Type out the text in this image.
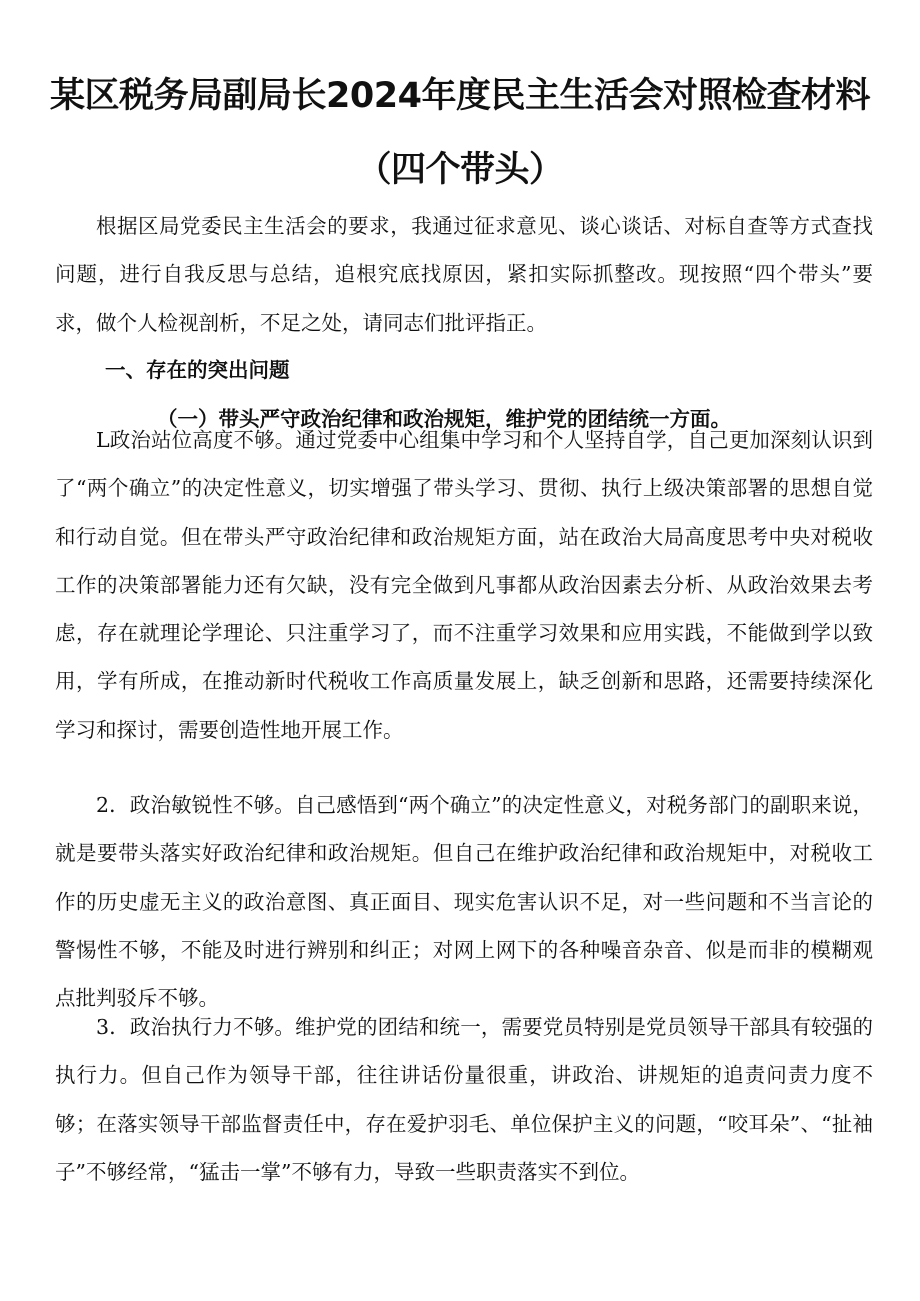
某区税务局副局长2024年度民主生活会对照检查材料
（四个带头）

根据区局党委民主生活会的要求，我通过征求意见、谈心谈话、对标自查等方式查找问题，进行自我反思与总结，追根究底找原因，紧扣实际抓整改。现按照“四个带头”要求，做个人检视剖析，不足之处，请同志们批评指正。

一、存在的突出问题
（一）带头严守政治纪律和政治规矩，维护党的团结统一方面。

L政治站位高度不够。通过党委中心组集中学习和个人坚持自学，自己更加深刻认识到了“两个确立”的决定性意义，切实增强了带头学习、贯彻、执行上级决策部署的思想自觉和行动自觉。但在带头严守政治纪律和政治规矩方面，站在政治大局高度思考中央对税收工作的决策部署能力还有欠缺，没有完全做到凡事都从政治因素去分析、从政治效果去考虑，存在就理论学理论、只注重学习了，而不注重学习效果和应用实践，不能做到学以致用，学有所成，在推动新时代税收工作高质量发展上，缺乏创新和思路，还需要持续深化学习和探讨，需要创造性地开展工作。

2．政治敏锐性不够。自己感悟到“两个确立”的决定性意义，对税务部门的副职来说，就是要带头落实好政治纪律和政治规矩。但自己在维护政治纪律和政治规矩中，对税收工作的历史虚无主义的政治意图、真正面目、现实危害认识不足，对一些问题和不当言论的警惕性不够，不能及时进行辨别和纠正；对网上网下的各种噪音杂音、似是而非的模糊观点批判驳斥不够。

3．政治执行力不够。维护党的团结和统一，需要党员特别是党员领导干部具有较强的执行力。但自己作为领导干部，往往讲话份量很重，讲政治、讲规矩的追责问责力度不够；在落实领导干部监督责任中，存在爱护羽毛、单位保护主义的问题，“咬耳朵”、“扯袖子”不够经常，“猛击一掌”不够有力，导致一些职责落实不到位。
